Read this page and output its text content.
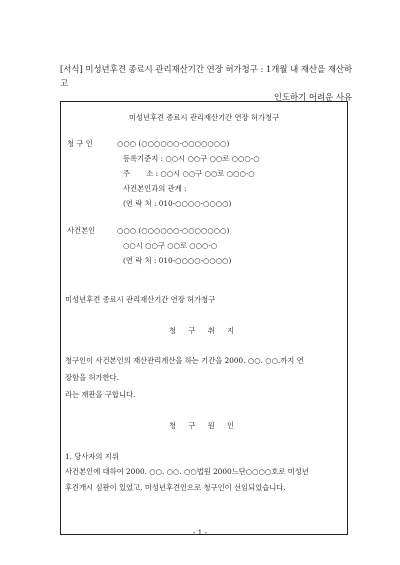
[서식] 미성년후견 종료시 관리재산기간 연장 허가청구 : 1개월 내 재산을 재산하고
인도하기 어려운 사유
미성년후견 종료시 관리재산기간 연장 허가청구
청 구 인	○○○ (○○○○○○-○○○○○○○)
등록기준지 : ○○시 ○○구 ○○로 ○○○-○
주       소 : ○○시 ○○구 ○○로 ○○○-○
사건본인과의 관계 :
(연 락 처 : 010-○○○○-○○○○)
사건본인	○○○ (○○○○○○-○○○○○○○)
○○시 ○○구 ○○로 ○○○-○
(연 락 처 : 010-○○○○-○○○○)
미성년후견 종료시 관리재산기간 연장 허가청구
청 구 취 지
청구인이 사건본인의 재산관리계산을 하는 기간을 2000. ○○. ○○.까지 연
장함을 허가한다.
라는 재판을 구합니다.
청 구 원 인
1. 당사자의 지위
사건본인에 대하여 2000. ○○. ○○. ○○법원 2000느단○○○○호로 미성년
후견개시 심판이 있었고, 미성년후견인으로 청구인이 선임되었습니다.
- 1 -
